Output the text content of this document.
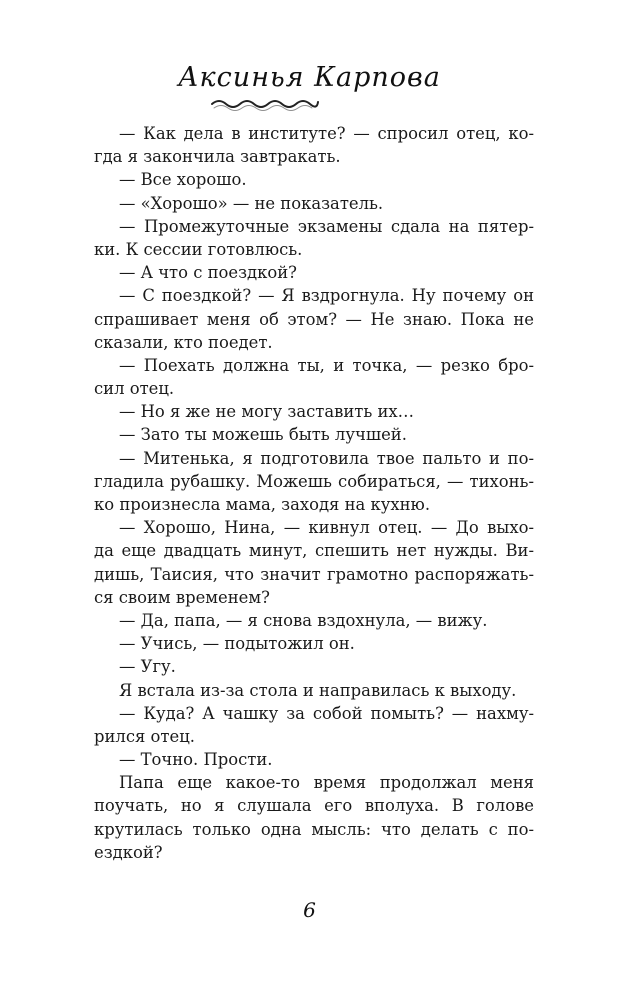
Аксинья Карпова
— Как дела в институте? — спросил отец, ко-
гда я закончила завтракать.
— Все хорошо.
— «Хорошо» — не показатель.
— Промежуточные экзамены сдала на пятер-
ки. К сессии готовлюсь.
— А что с поездкой?
— С поездкой? — Я вздрогнула. Ну почему он
спрашивает меня об этом? — Не знаю. Пока не
сказали, кто поедет.
— Поехать должна ты, и точка, — резко бро-
сил отец.
— Но я же не могу заставить их…
— Зато ты можешь быть лучшей.
— Митенька, я подготовила твое пальто и по-
гладила рубашку. Можешь собираться, — тихонь-
ко произнесла мама, заходя на кухню.
— Хорошо, Нина, — кивнул отец. — До выхо-
да еще двадцать минут, спешить нет нужды. Ви-
дишь, Таисия, что значит грамотно распоряжать-
ся своим временем?
— Да, папа, — я снова вздохнула, — вижу.
— Учись, — подытожил он.
— Угу.
Я встала из-за стола и направилась к выходу.
— Куда? А чашку за собой помыть? — нахму-
рился отец.
— Точно. Прости.
Папа еще какое-то время продолжал меня
поучать, но я слушала его вполуха. В голове
крутилась только одна мысль: что делать с по-
ездкой?
6
